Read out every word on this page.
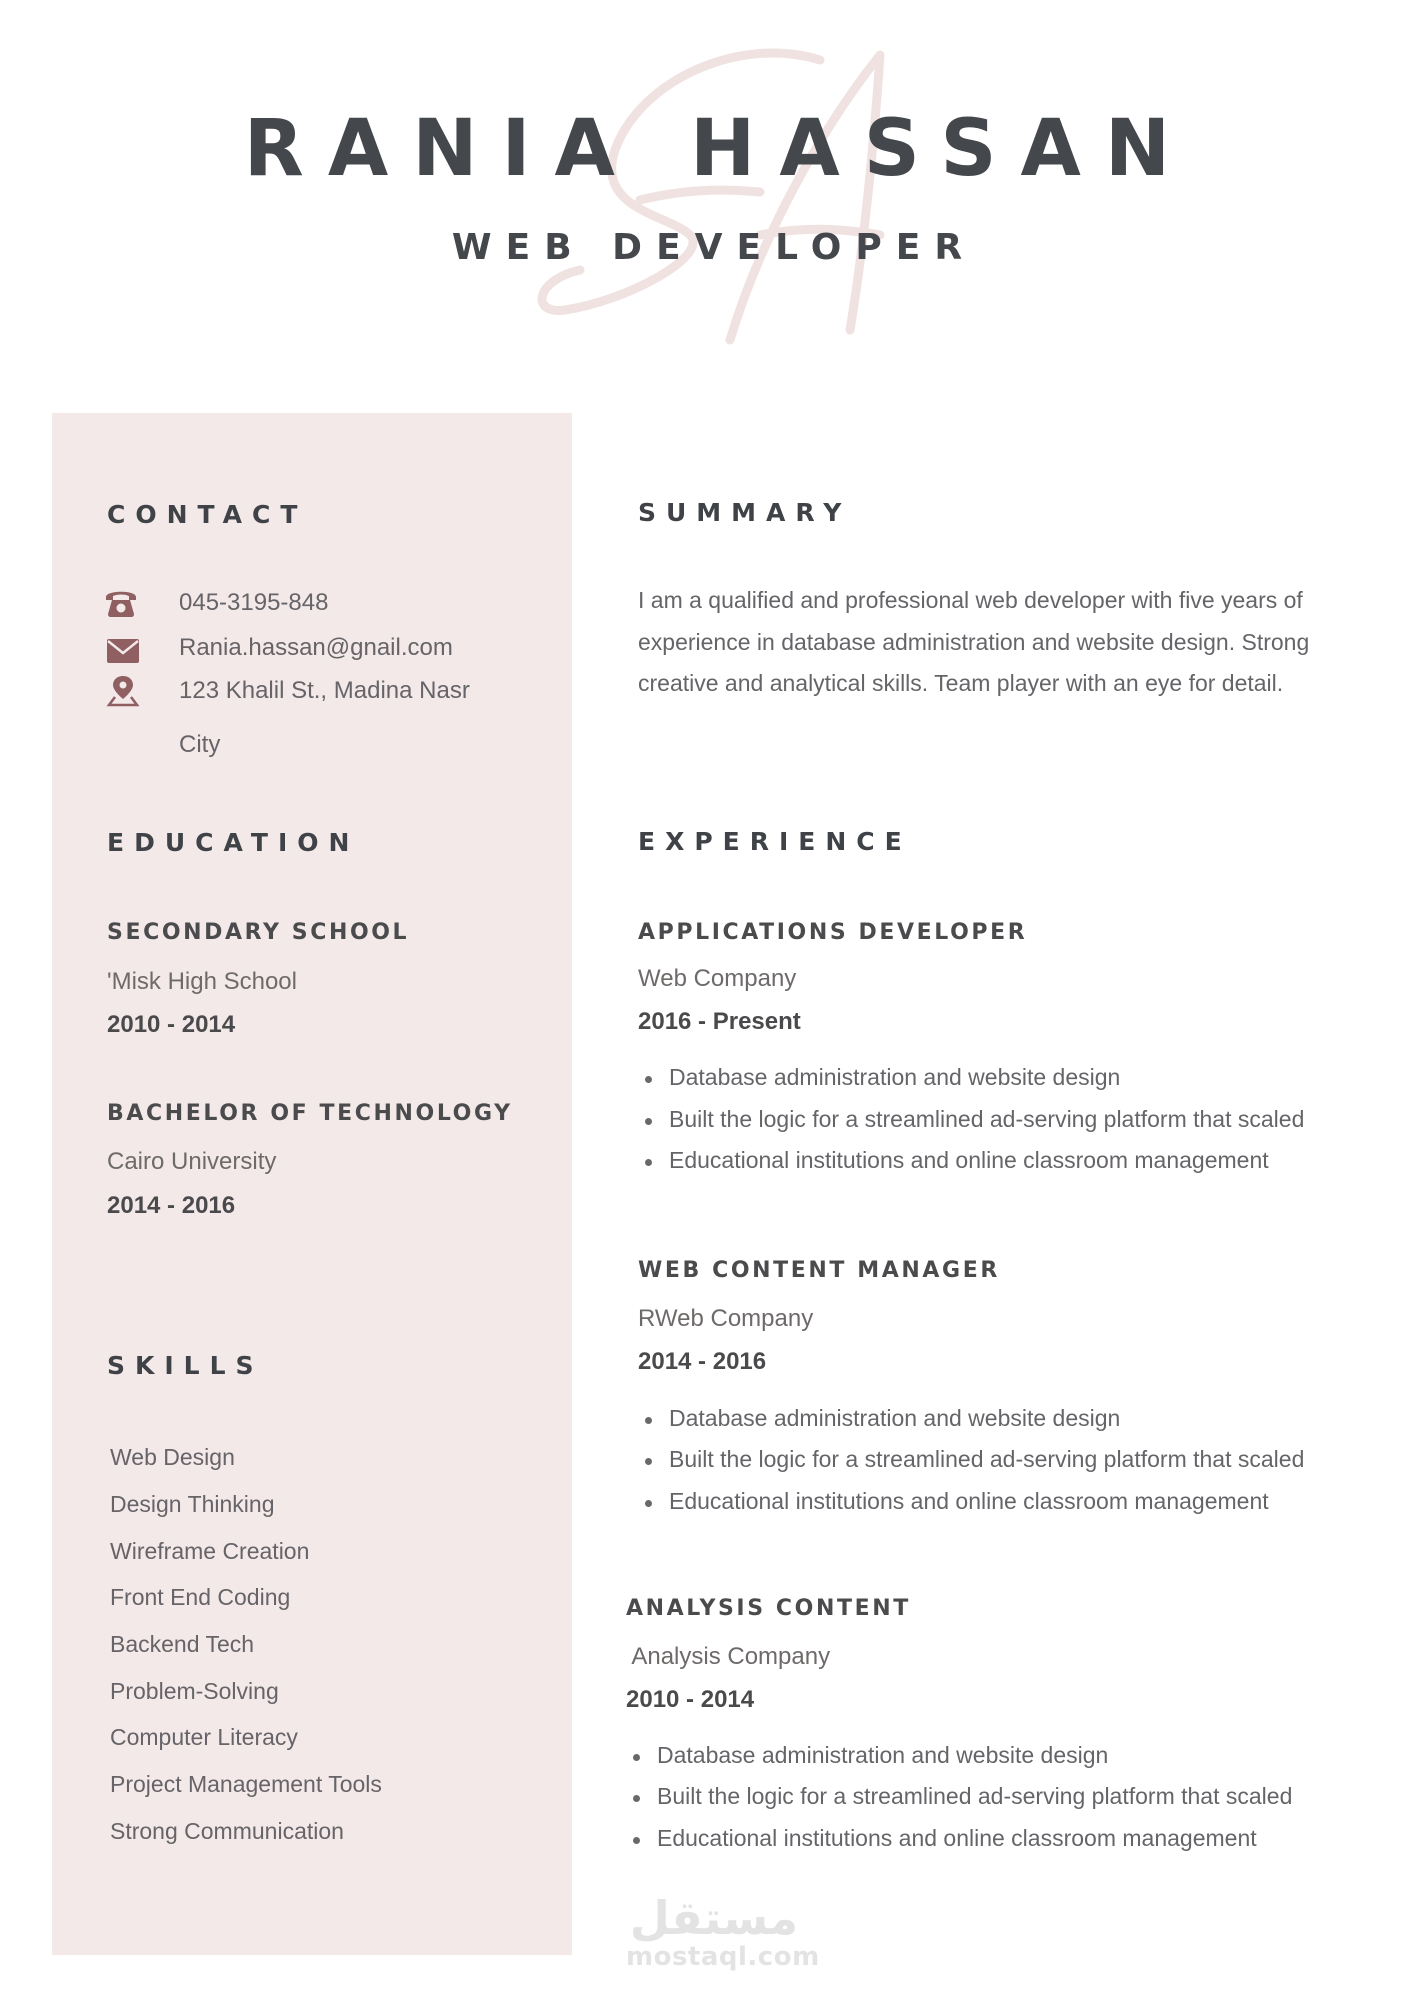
RANIA HASSAN
WEB DEVELOPER
CONTACT
045-3195-848
Rania.hassan@gnail.com
123 Khalil St., Madina Nasr
City
EDUCATION
SECONDARY SCHOOL
'Misk High School
2010 - 2014
BACHELOR OF TECHNOLOGY
Cairo University
2014 - 2016
SKILLS
Web Design
Design Thinking
Wireframe Creation
Front End Coding
Backend Tech
Problem-Solving
Computer Literacy
Project Management Tools
Strong Communication
SUMMARY
I am a qualified and professional web developer with five years of
experience in database administration and website design. Strong
creative and analytical skills. Team player with an eye for detail.
EXPERIENCE
APPLICATIONS DEVELOPER
Web Company
2016 - Present
Database administration and website design
Built the logic for a streamlined ad-serving platform that scaled
Educational institutions and online classroom management
WEB CONTENT MANAGER
RWeb Company
2014 - 2016
Database administration and website design
Built the logic for a streamlined ad-serving platform that scaled
Educational institutions and online classroom management
ANALYSIS CONTENT
Analysis Company
2010 - 2014
Database administration and website design
Built the logic for a streamlined ad-serving platform that scaled
Educational institutions and online classroom management
مستقل
mostaql.com
